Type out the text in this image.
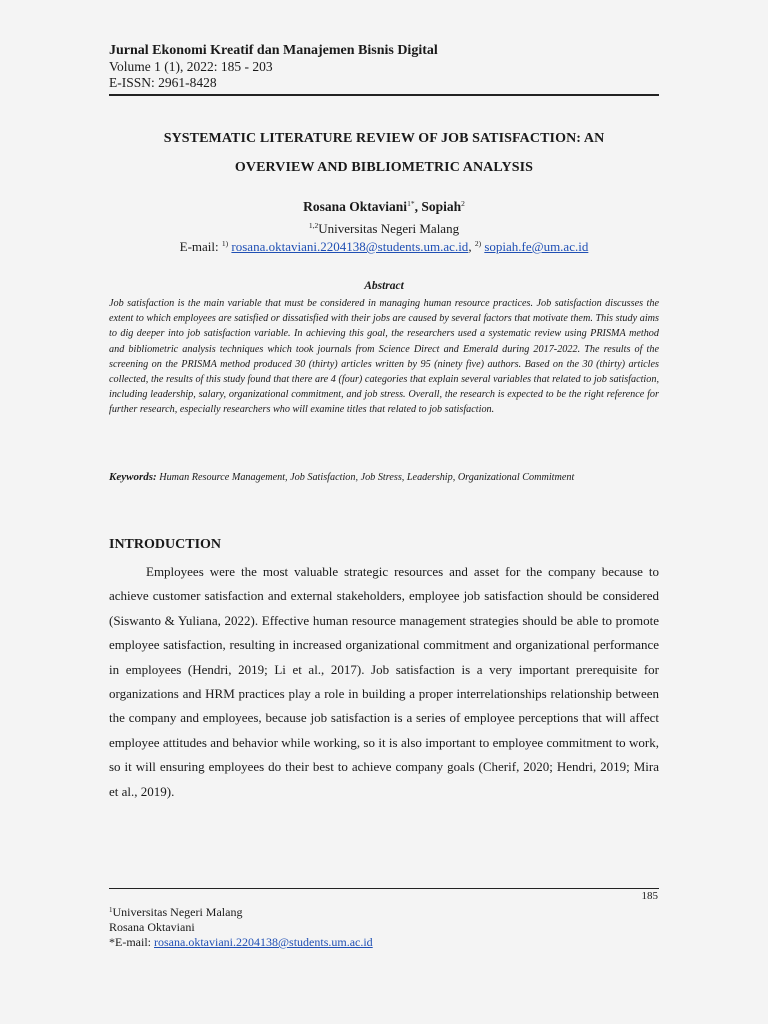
Jurnal Ekonomi Kreatif dan Manajemen Bisnis Digital
Volume 1 (1), 2022: 185 - 203
E-ISSN: 2961-8428
SYSTEMATIC LITERATURE REVIEW OF JOB SATISFACTION: AN
OVERVIEW AND BIBLIOMETRIC ANALYSIS
Rosana Oktaviani$^{1*}$, Sopiah$^2$
$^{1,2}$Universitas Negeri Malang
E-mail: $^{1)}$ rosana.oktaviani.2204138@students.um.ac.id, $^{2)}$ sopiah.fe@um.ac.id
Abstract
Job satisfaction is the main variable that must be considered in managing human resource practices. Job satisfaction discusses the extent to which employees are satisfied or dissatisfied with their jobs are caused by several factors that motivate them. This study aims to dig deeper into job satisfaction variable. In achieving this goal, the researchers used a systematic review using PRISMA method and bibliometric analysis techniques which took journals from Science Direct and Emerald during 2017-2022. The results of the screening on the PRISMA method produced 30 (thirty) articles written by 95 (ninety five) authors. Based on the 30 (thirty) articles collected, the results of this study found that there are 4 (four) categories that explain several variables that related to job satisfaction, including leadership, salary, organizational commitment, and job stress. Overall, the research is expected to be the right reference for further research, especially researchers who will examine titles that related to job satisfaction.
Keywords: Human Resource Management, Job Satisfaction, Job Stress, Leadership, Organizational Commitment
INTRODUCTION
Employees were the most valuable strategic resources and asset for the company because to achieve customer satisfaction and external stakeholders, employee job satisfaction should be considered (Siswanto & Yuliana, 2022). Effective human resource management strategies should be able to promote employee satisfaction, resulting in increased organizational commitment and organizational performance in employees (Hendri, 2019; Li et al., 2017). Job satisfaction is a very important prerequisite for organizations and HRM practices play a role in building a proper interrelationships relationship between the company and employees, because job satisfaction is a series of employee perceptions that will affect employee attitudes and behavior while working, so it is also important to employee commitment to work, so it will ensuring employees do their best to achieve company goals (Cherif, 2020; Hendri, 2019; Mira et al., 2019).
185
$^1$Universitas Negeri Malang
Rosana Oktaviani
*E-mail: rosana.oktaviani.2204138@students.um.ac.id
